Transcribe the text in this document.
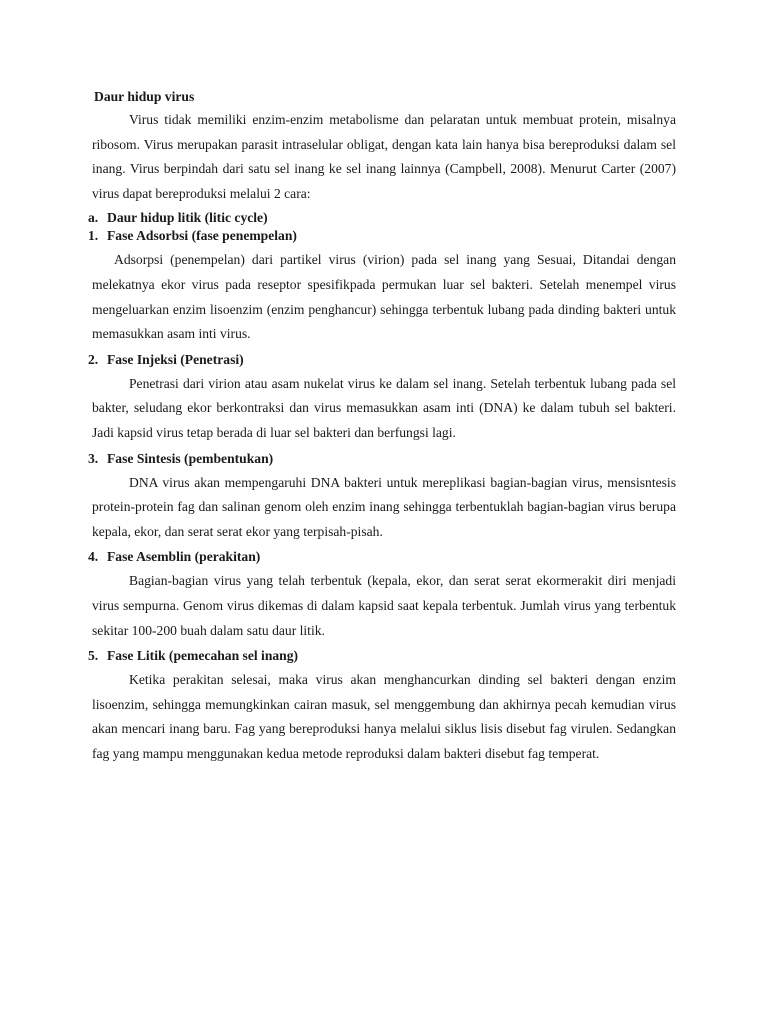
Daur hidup virus

Virus tidak memiliki enzim-enzim metabolisme dan pelaratan untuk membuat protein, misalnya ribosom. Virus merupakan parasit intraselular obligat, dengan kata lain hanya bisa bereproduksi dalam sel inang. Virus berpindah dari satu sel inang ke sel inang lainnya (Campbell, 2008). Menurut Carter (2007) virus dapat bereproduksi melalui 2 cara:

a. Daur hidup litik (litic cycle)
1. Fase Adsorbsi (fase penempelan)

Adsorpsi (penempelan) dari partikel virus (virion) pada sel inang yang Sesuai, Ditandai dengan melekatnya ekor virus pada reseptor spesifikpada permukan luar sel bakteri. Setelah menempel virus mengeluarkan enzim lisoenzim (enzim penghancur) sehingga terbentuk lubang pada dinding bakteri untuk memasukkan asam inti virus.

2. Fase Injeksi (Penetrasi)

Penetrasi dari virion atau asam nukelat virus ke dalam sel inang. Setelah terbentuk lubang pada sel bakter, seludang ekor berkontraksi dan virus memasukkan asam inti (DNA) ke dalam tubuh sel bakteri. Jadi kapsid virus tetap berada di luar sel bakteri dan berfungsi lagi.

3. Fase Sintesis (pembentukan)

DNA virus akan mempengaruhi DNA bakteri untuk mereplikasi bagian-bagian virus, mensisntesis protein-protein fag dan salinan genom oleh enzim inang sehingga terbentuklah bagian-bagian virus berupa kepala, ekor, dan serat serat ekor yang terpisah-pisah.

4. Fase Asemblin (perakitan)

Bagian-bagian virus yang telah terbentuk (kepala, ekor, dan serat serat ekormerakit diri menjadi virus sempurna. Genom virus dikemas di dalam kapsid saat kepala terbentuk. Jumlah virus yang terbentuk sekitar 100-200 buah dalam satu daur litik.

5. Fase Litik (pemecahan sel inang)

Ketika perakitan selesai, maka virus akan menghancurkan dinding sel bakteri dengan enzim lisoenzim, sehingga memungkinkan cairan masuk, sel menggembung dan akhirnya pecah kemudian virus akan mencari inang baru. Fag yang bereproduksi hanya melalui siklus lisis disebut fag virulen. Sedangkan fag yang mampu menggunakan kedua metode reproduksi dalam bakteri disebut fag temperat.
